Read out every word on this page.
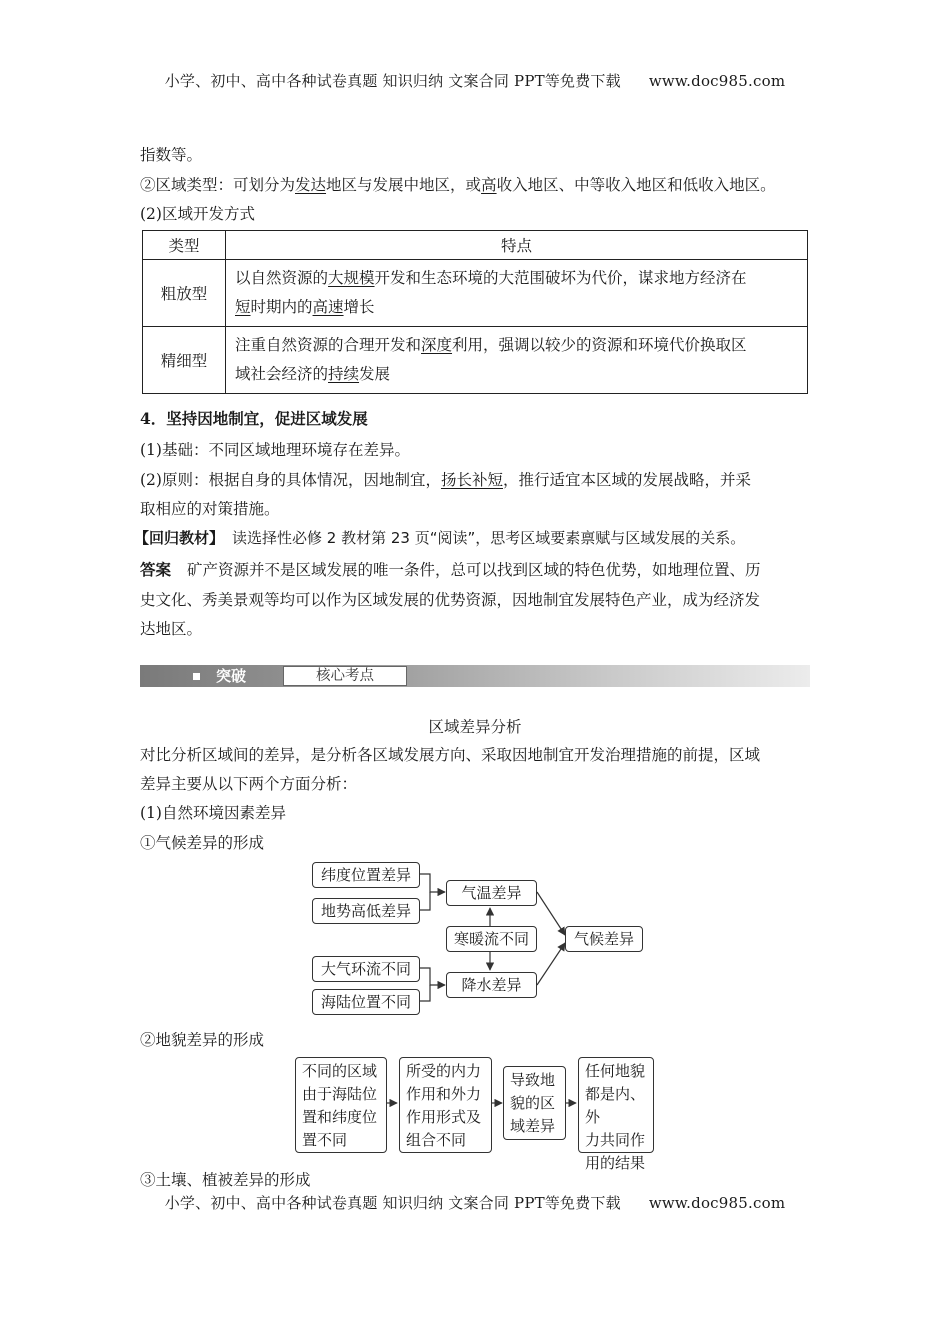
小学、初中、高中各种试卷真题 知识归纳 文案合同 PPT等免费下载 www.doc985.com
指数等。
②区域类型：可划分为发达地区与发展中地区，或高收入地区、中等收入地区和低收入地区。
(2)区域开发方式
类型	特点
粗放型	以自然资源的大规模开发和生态环境的大范围破坏为代价，谋求地方经济在
短时期内的高速增长
精细型	注重自然资源的合理开发和深度利用，强调以较少的资源和环境代价换取区
域社会经济的持续发展
4．坚持因地制宜，促进区域发展
(1)基础：不同区域地理环境存在差异。
(2)原则：根据自身的具体情况，因地制宜，扬长补短，推行适宜本区域的发展战略，并采
取相应的对策措施。
【回归教材】 读选择性必修 2 教材第 23 页“阅读”，思考区域要素禀赋与区域发展的关系。
答案 矿产资源并不是区域发展的唯一条件，总可以找到区域的特色优势，如地理位置、历
史文化、秀美景观等均可以作为区域发展的优势资源，因地制宜发展特色产业，成为经济发
达地区。
突破	核心考点
区域差异分析
对比分析区域间的差异，是分析各区域发展方向、采取因地制宜开发治理措施的前提，区域
差异主要从以下两个方面分析：
(1)自然环境因素差异
①气候差异的形成
纬度位置差异
地势高低差异
气温差异
寒暖流不同	气候差异
大气环流不同
降水差异
海陆位置不同
②地貌差异的形成
不同的区域
由于海陆位
置和纬度位
置不同
所受的内力
作用和外力
作用形式及
组合不同
导致地
貌的区
域差异
任何地貌
都是内、外
力共同作
用的结果
③土壤、植被差异的形成
小学、初中、高中各种试卷真题 知识归纳 文案合同 PPT等免费下载 www.doc985.com
